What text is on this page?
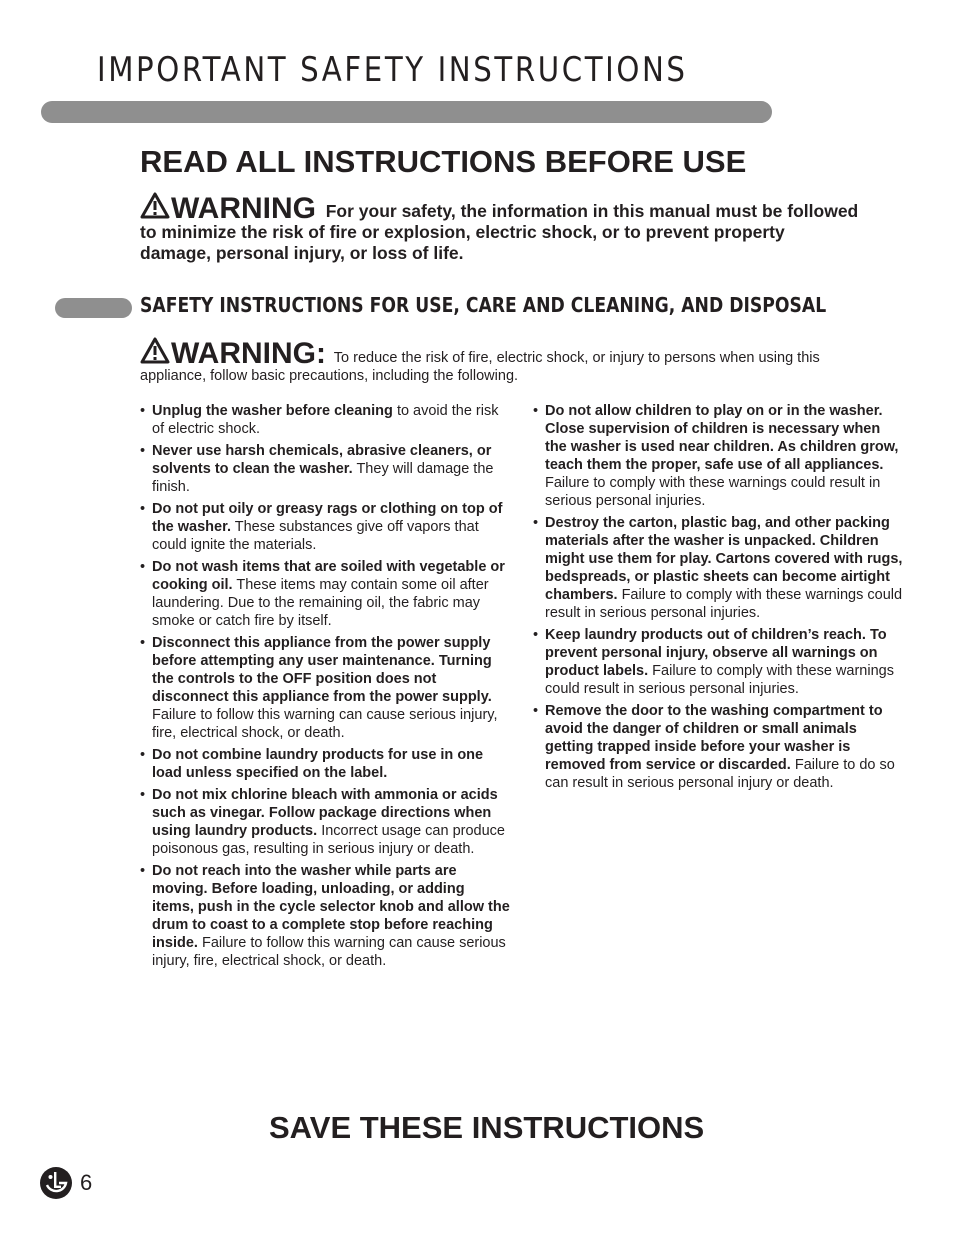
IMPORTANT SAFETY INSTRUCTIONS
READ ALL INSTRUCTIONS BEFORE USE
WARNING For your safety, the information in this manual must be followed to minimize the risk of fire or explosion, electric shock, or to prevent property damage, personal injury, or loss of life.
SAFETY INSTRUCTIONS FOR USE, CARE AND CLEANING, AND DISPOSAL
WARNING: To reduce the risk of fire, electric shock, or injury to persons when using this appliance, follow basic precautions, including the following.

• Unplug the washer before cleaning to avoid the risk of electric shock.

• Never use harsh chemicals, abrasive cleaners, or solvents to clean the washer. They will damage the finish.

• Do not put oily or greasy rags or clothing on top of the washer. These substances give off vapors that could ignite the materials.

• Do not wash items that are soiled with vegetable or cooking oil. These items may contain some oil after laundering. Due to the remaining oil, the fabric may smoke or catch fire by itself.

• Disconnect this appliance from the power supply before attempting any user maintenance. Turning the controls to the OFF position does not disconnect this appliance from the power supply. Failure to follow this warning can cause serious injury, fire, electrical shock, or death.

• Do not combine laundry products for use in one load unless specified on the label.

• Do not mix chlorine bleach with ammonia or acids such as vinegar. Follow package directions when using laundry products. Incorrect usage can produce poisonous gas, resulting in serious injury or death.

• Do not reach into the washer while parts are moving. Before loading, unloading, or adding items, push in the cycle selector knob and allow the drum to coast to a complete stop before reaching inside. Failure to follow this warning can cause serious injury, fire, electrical shock, or death.

• Do not allow children to play on or in the washer. Close supervision of children is necessary when the washer is used near children. As children grow, teach them the proper, safe use of all appliances. Failure to comply with these warnings could result in serious personal injuries.

• Destroy the carton, plastic bag, and other packing materials after the washer is unpacked. Children might use them for play. Cartons covered with rugs, bedspreads, or plastic sheets can become airtight chambers. Failure to comply with these warnings could result in serious personal injuries.

• Keep laundry products out of children’s reach. To prevent personal injury, observe all warnings on product labels. Failure to comply with these warnings could result in serious personal injuries.

• Remove the door to the washing compartment to avoid the danger of children or small animals getting trapped inside before your washer is removed from service or discarded. Failure to do so can result in serious personal injury or death.

SAVE THESE INSTRUCTIONS
6
